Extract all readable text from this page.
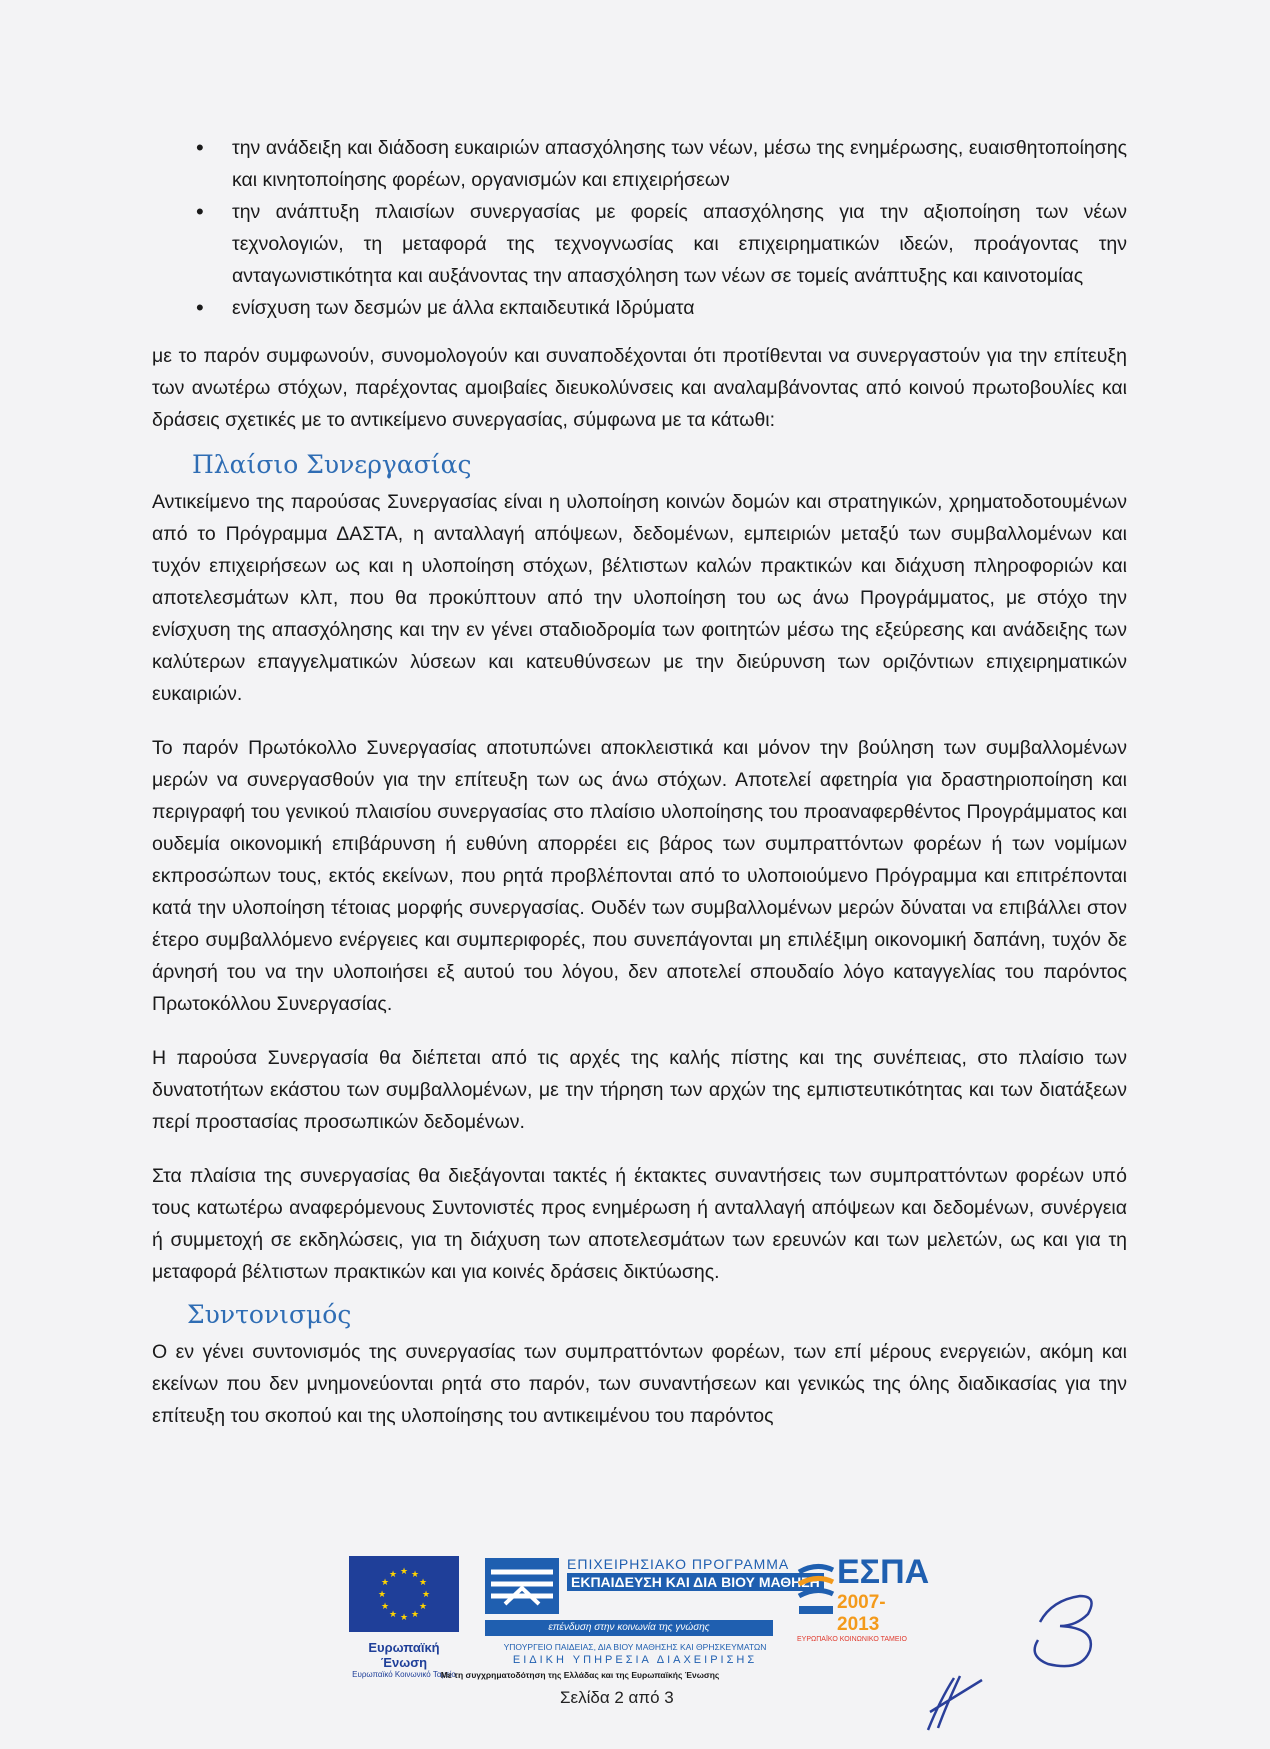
• την ανάδειξη και διάδοση ευκαιριών απασχόλησης των νέων, μέσω της ενημέρωσης, ευαισθητοποίησης και κινητοποίησης φορέων, οργανισμών και επιχειρήσεων
• την ανάπτυξη πλαισίων συνεργασίας με φορείς απασχόλησης για την αξιοποίηση των νέων τεχνολογιών, τη μεταφορά της τεχνογνωσίας και επιχειρηματικών ιδεών, προάγοντας την ανταγωνιστικότητα και αυξάνοντας την απασχόληση των νέων σε τομείς ανάπτυξης και καινοτομίας
• ενίσχυση των δεσμών με άλλα εκπαιδευτικά Ιδρύματα

με το παρόν συμφωνούν, συνομολογούν και συναποδέχονται ότι προτίθενται να συνεργαστούν για την επίτευξη των ανωτέρω στόχων, παρέχοντας αμοιβαίες διευκολύνσεις και αναλαμβάνοντας από κοινού πρωτοβουλίες και δράσεις σχετικές με το αντικείμενο συνεργασίας, σύμφωνα με τα κάτωθι:

Πλαίσιο Συνεργασίας

Αντικείμενο της παρούσας Συνεργασίας είναι η υλοποίηση κοινών δομών και στρατηγικών, χρηματοδοτουμένων από το Πρόγραμμα ΔΑΣΤΑ, η ανταλλαγή απόψεων, δεδομένων, εμπειριών μεταξύ των συμβαλλομένων και τυχόν επιχειρήσεων ως και η υλοποίηση στόχων, βέλτιστων καλών πρακτικών και διάχυση πληροφοριών και αποτελεσμάτων κλπ, που θα προκύπτουν από την υλοποίηση του ως άνω Προγράμματος, με στόχο την ενίσχυση της απασχόλησης και την εν γένει σταδιοδρομία των φοιτητών μέσω της εξεύρεσης και ανάδειξης των καλύτερων επαγγελματικών λύσεων και κατευθύνσεων με την διεύρυνση των οριζόντιων επιχειρηματικών ευκαιριών.

Το παρόν Πρωτόκολλο Συνεργασίας αποτυπώνει αποκλειστικά και μόνον την βούληση των συμβαλλομένων μερών να συνεργασθούν για την επίτευξη των ως άνω στόχων. Αποτελεί αφετηρία για δραστηριοποίηση και περιγραφή του γενικού πλαισίου συνεργασίας στο πλαίσιο υλοποίησης του προαναφερθέντος Προγράμματος και ουδεμία οικονομική επιβάρυνση ή ευθύνη απορρέει εις βάρος των συμπραττόντων φορέων ή των νομίμων εκπροσώπων τους, εκτός εκείνων, που ρητά προβλέπονται από το υλοποιούμενο Πρόγραμμα και επιτρέπονται κατά την υλοποίηση τέτοιας μορφής συνεργασίας. Ουδέν των συμβαλλομένων μερών δύναται να επιβάλλει στον έτερο συμβαλλόμενο ενέργειες και συμπεριφορές, που συνεπάγονται μη επιλέξιμη οικονομική δαπάνη, τυχόν δε άρνησή του να την υλοποιήσει εξ αυτού του λόγου, δεν αποτελεί σπουδαίο λόγο καταγγελίας του παρόντος Πρωτοκόλλου Συνεργασίας.

Η παρούσα Συνεργασία θα διέπεται από τις αρχές της καλής πίστης και της συνέπειας, στο πλαίσιο των δυνατοτήτων εκάστου των συμβαλλομένων, με την τήρηση των αρχών της εμπιστευτικότητας και των διατάξεων περί προστασίας προσωπικών δεδομένων.

Στα πλαίσια της συνεργασίας θα διεξάγονται τακτές ή έκτακτες συναντήσεις των συμπραττόντων φορέων υπό τους κατωτέρω αναφερόμενους Συντονιστές προς ενημέρωση ή ανταλλαγή απόψεων και δεδομένων, συνέργεια ή συμμετοχή σε εκδηλώσεις, για τη διάχυση των αποτελεσμάτων των ερευνών και των μελετών, ως και για τη μεταφορά βέλτιστων πρακτικών και για κοινές δράσεις δικτύωσης.

Συντονισμός

Ο εν γένει συντονισμός της συνεργασίας των συμπραττόντων φορέων, των επί μέρους ενεργειών, ακόμη και εκείνων που δεν μνημονεύονται ρητά στο παρόν, των συναντήσεων και γενικώς της όλης διαδικασίας για την επίτευξη του σκοπού και της υλοποίησης του αντικειμένου του παρόντος

★ ★
★
★
★
★
★
★
★
★
★
★
Ευρωπαϊκή Ένωση
Ευρωπαϊκό Κοινωνικό Ταμείο
ΕΠΙΧΕΙΡΗΣΙΑΚΟ ΠΡΟΓΡΑΜΜΑ
ΕΚΠΑΙΔΕΥΣΗ ΚΑΙ ΔΙΑ ΒΙΟΥ ΜΑΘΗΣΗ
επένδυση στην κοινωνία της γνώσης
ΥΠΟΥΡΓΕΙΟ ΠΑΙΔΕΙΑΣ, ΔΙΑ ΒΙΟΥ ΜΑΘΗΣΗΣ ΚΑΙ ΘΡΗΣΚΕΥΜΑΤΩΝ
ΕΙΔΙΚΗ ΥΠΗΡΕΣΙΑ ΔΙΑΧΕΙΡΙΣΗΣ
ΕΣΠΑ
2007-2013
ΕΥΡΩΠΑΪΚΟ ΚΟΙΝΩΝΙΚΟ ΤΑΜΕΙΟ
Με τη συγχρηματοδότηση της Ελλάδας και της Ευρωπαϊκής Ένωσης
Σελίδα 2 από 3
